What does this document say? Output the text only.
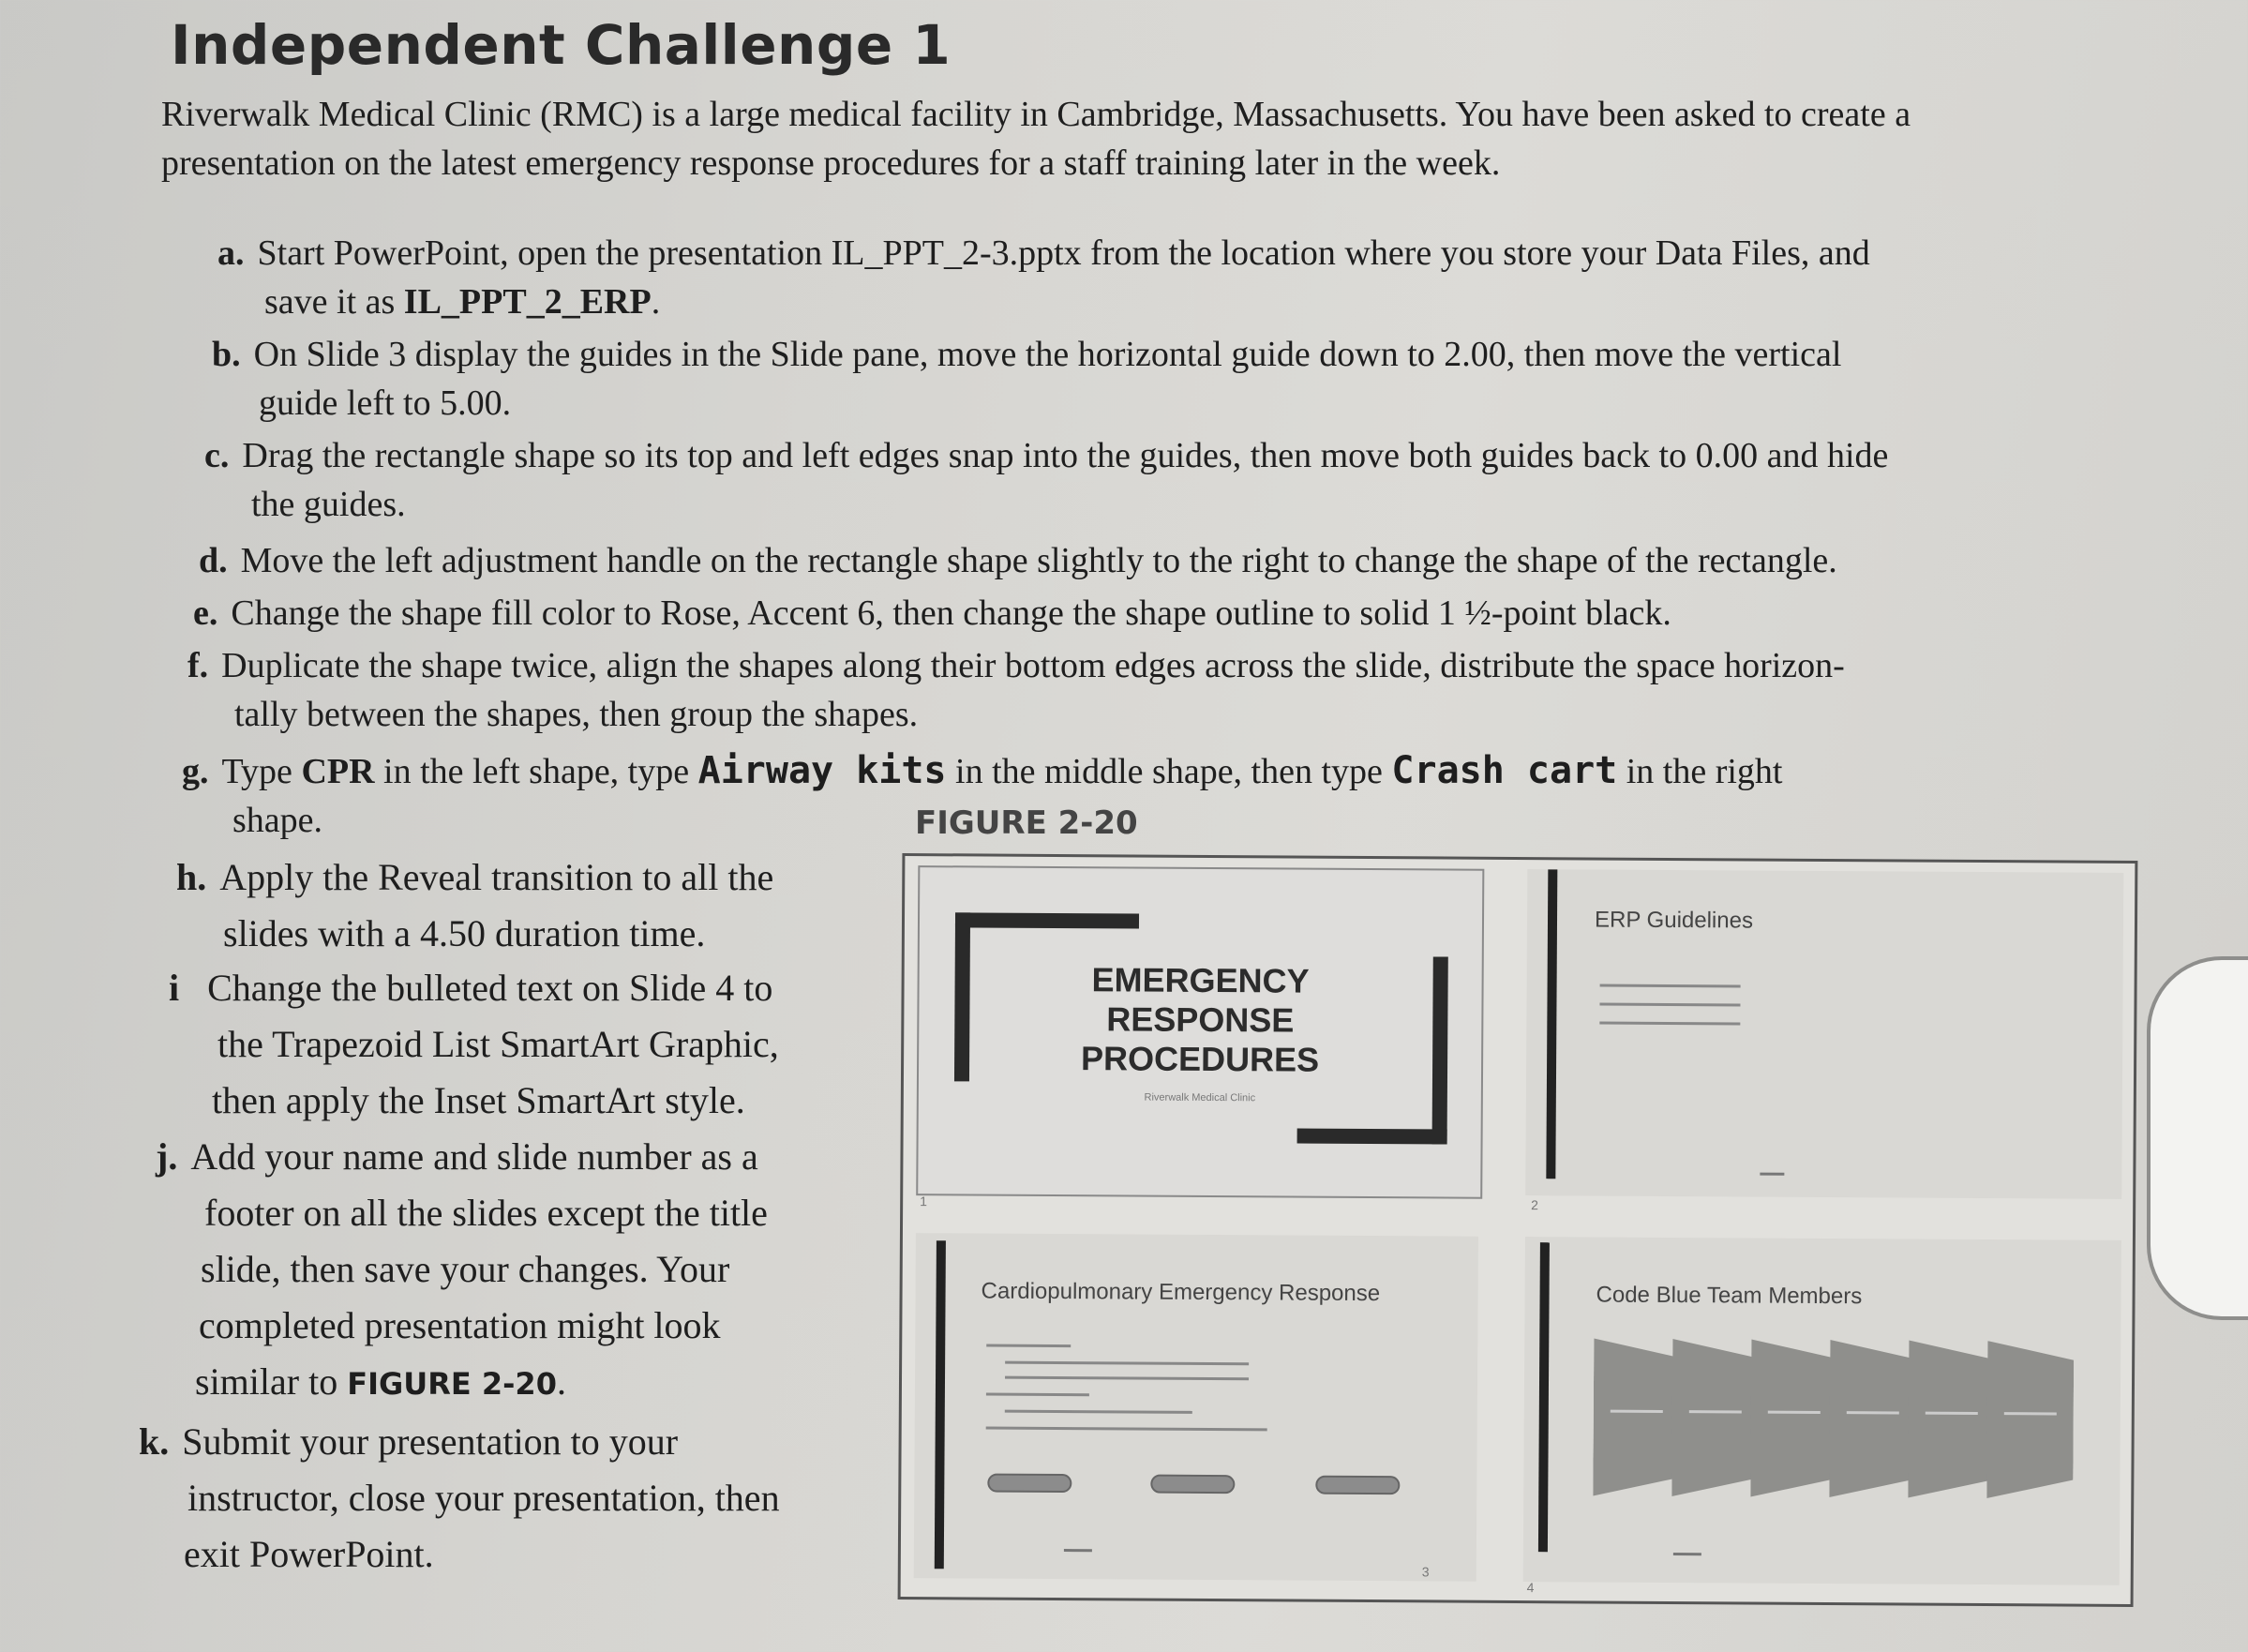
Independent Challenge 1

Riverwalk Medical Clinic (RMC) is a large medical facility in Cambridge, Massachusetts. You have been asked to create a presentation on the latest emergency response procedures for a staff training later in the week.

a. Start PowerPoint, open the presentation IL_PPT_2-3.pptx from the location where you store your Data Files, and
save it as IL_PPT_2_ERP.
b. On Slide 3 display the guides in the Slide pane, move the horizontal guide down to 2.00, then move the vertical
guide left to 5.00.
c. Drag the rectangle shape so its top and left edges snap into the guides, then move both guides back to 0.00 and hide
the guides.
d. Move the left adjustment handle on the rectangle shape slightly to the right to change the shape of the rectangle.
e. Change the shape fill color to Rose, Accent 6, then change the shape outline to solid 1 ½-point black.
f. Duplicate the shape twice, align the shapes along their bottom edges across the slide, distribute the space horizon-
tally between the shapes, then group the shapes.
g. Type CPR in the left shape, type Airway kits in the middle shape, then type Crash cart in the right
shape.
h. Apply the Reveal transition to all the
slides with a 4.50 duration time.
i Change the bulleted text on Slide 4 to
the Trapezoid List SmartArt Graphic,
then apply the Inset SmartArt style.
j. Add your name and slide number as a
footer on all the slides except the title
slide, then save your changes. Your
completed presentation might look
similar to FIGURE 2-20.
k. Submit your presentation to your
instructor, close your presentation, then
exit PowerPoint.
FIGURE 2-20
EMERGENCY
RESPONSE
PROCEDURES
Riverwalk Medical Clinic
1
ERP Guidelines
2
Cardiopulmonary Emergency Response
3
Code Blue Team Members
4
